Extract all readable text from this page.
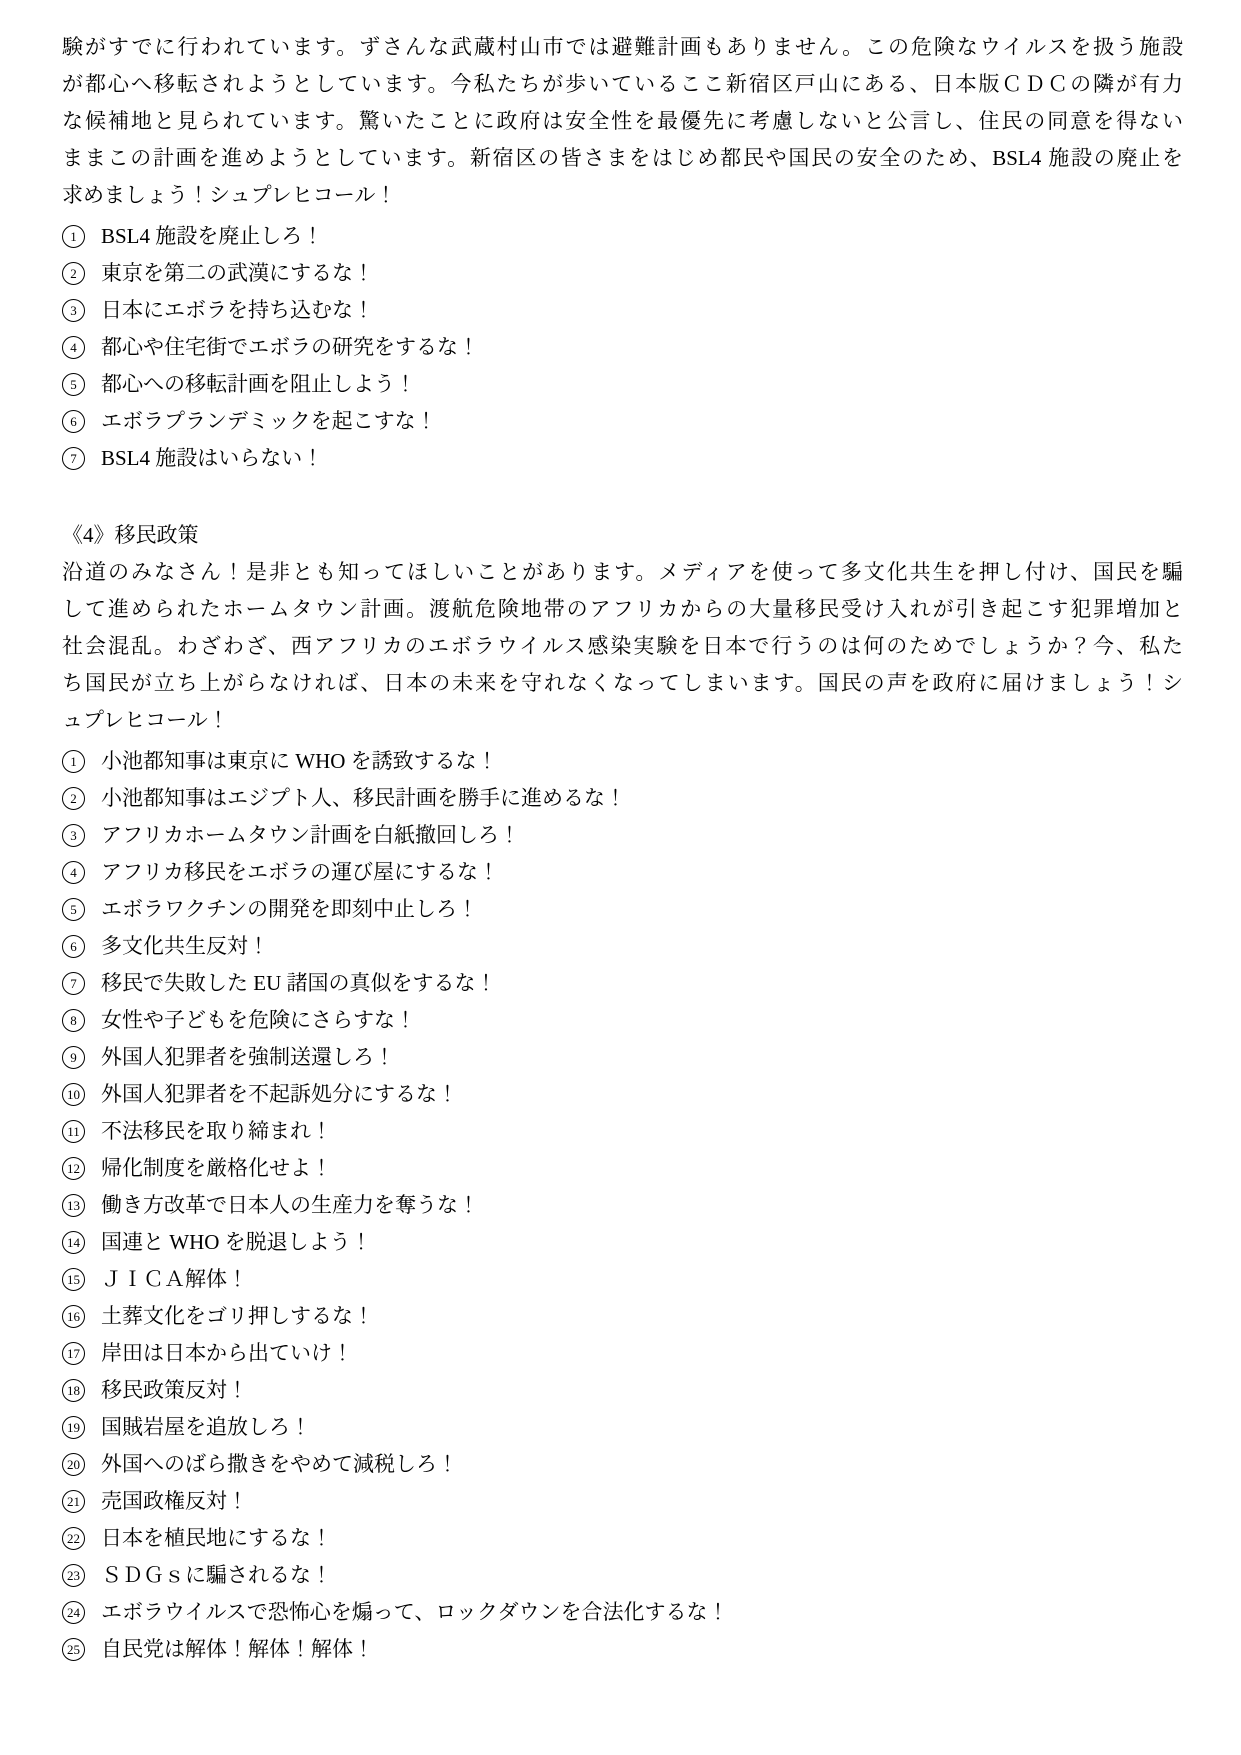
験がすでに行われています。ずさんな武蔵村山市では避難計画もありません。この危険なウイルスを扱う施設
が都心へ移転されようとしています。今私たちが歩いているここ新宿区戸山にある、日本版ＣＤＣの隣が有力
な候補地と見られています。驚いたことに政府は安全性を最優先に考慮しないと公言し、住民の同意を得ない
ままこの計画を進めようとしています。新宿区の皆さまをはじめ都民や国民の安全のため、BSL4 施設の廃止を
求めましょう！シュプレヒコール！
1	BSL4 施設を廃止しろ！
2	東京を第二の武漢にするな！
3	日本にエボラを持ち込むな！
4	都心や住宅街でエボラの研究をするな！
5	都心への移転計画を阻止しよう！
6	エボラプランデミックを起こすな！
7	BSL4 施設はいらない！
《4》移民政策
沿道のみなさん！是非とも知ってほしいことがあります。メディアを使って多文化共生を押し付け、国民を騙
して進められたホームタウン計画。渡航危険地帯のアフリカからの大量移民受け入れが引き起こす犯罪増加と
社会混乱。わざわざ、西アフリカのエボラウイルス感染実験を日本で行うのは何のためでしょうか？今、私た
ち国民が立ち上がらなければ、日本の未来を守れなくなってしまいます。国民の声を政府に届けましょう！シ
ュプレヒコール！
1	小池都知事は東京に WHO を誘致するな！
2	小池都知事はエジプト人、移民計画を勝手に進めるな！
3	アフリカホームタウン計画を白紙撤回しろ！
4	アフリカ移民をエボラの運び屋にするな！
5	エボラワクチンの開発を即刻中止しろ！
6	多文化共生反対！
7	移民で失敗した EU 諸国の真似をするな！
8	女性や子どもを危険にさらすな！
9	外国人犯罪者を強制送還しろ！
10 外国人犯罪者を不起訴処分にするな！
11 不法移民を取り締まれ！
12 帰化制度を厳格化せよ！
13 働き方改革で日本人の生産力を奪うな！
14 国連と WHO を脱退しよう！
15 ＪＩＣＡ解体！
16 土葬文化をゴリ押しするな！
17 岸田は日本から出ていけ！
18 移民政策反対！
19 国賊岩屋を追放しろ！
20 外国へのばら撒きをやめて減税しろ！
21 売国政権反対！
22 日本を植民地にするな！
23 ＳＤＧｓに騙されるな！
24 エボラウイルスで恐怖心を煽って、ロックダウンを合法化するな！
25 自民党は解体！解体！解体！
